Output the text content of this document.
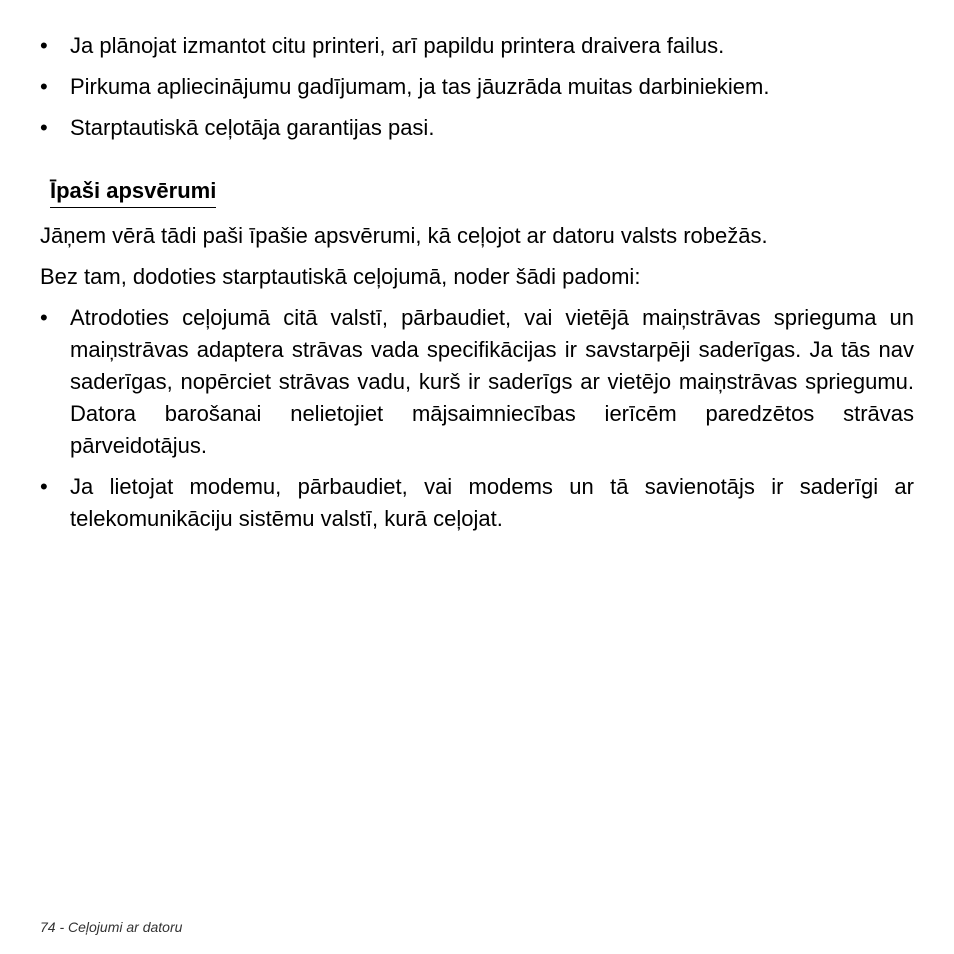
•	Ja plānojat izmantot citu printeri, arī papildu printera draivera failus.
•	Pirkuma apliecinājumu gadījumam, ja tas jāuzrāda muitas darbiniekiem.
•	Starptautiskā ceļotāja garantijas pasi.
Īpaši apsvērumi

Jāņem vērā tādi paši īpašie apsvērumi, kā ceļojot ar datoru valsts robežās.

Bez tam, dodoties starptautiskā ceļojumā, noder šādi padomi:

•	Atrodoties ceļojumā citā valstī, pārbaudiet, vai vietējā maiņstrāvas sprieguma un maiņstrāvas adaptera strāvas vada specifikācijas ir savstarpēji saderīgas. Ja tās nav saderīgas, nopērciet strāvas vadu, kurš ir saderīgs ar vietējo maiņstrāvas spriegumu. Datora barošanai nelietojiet mājsaimniecības ierīcēm paredzētos strāvas pārveidotājus.
•	Ja lietojat modemu, pārbaudiet, vai modems un tā savienotājs ir saderīgi ar telekomunikāciju sistēmu valstī, kurā ceļojat.
74 - Ceļojumi ar datoru
